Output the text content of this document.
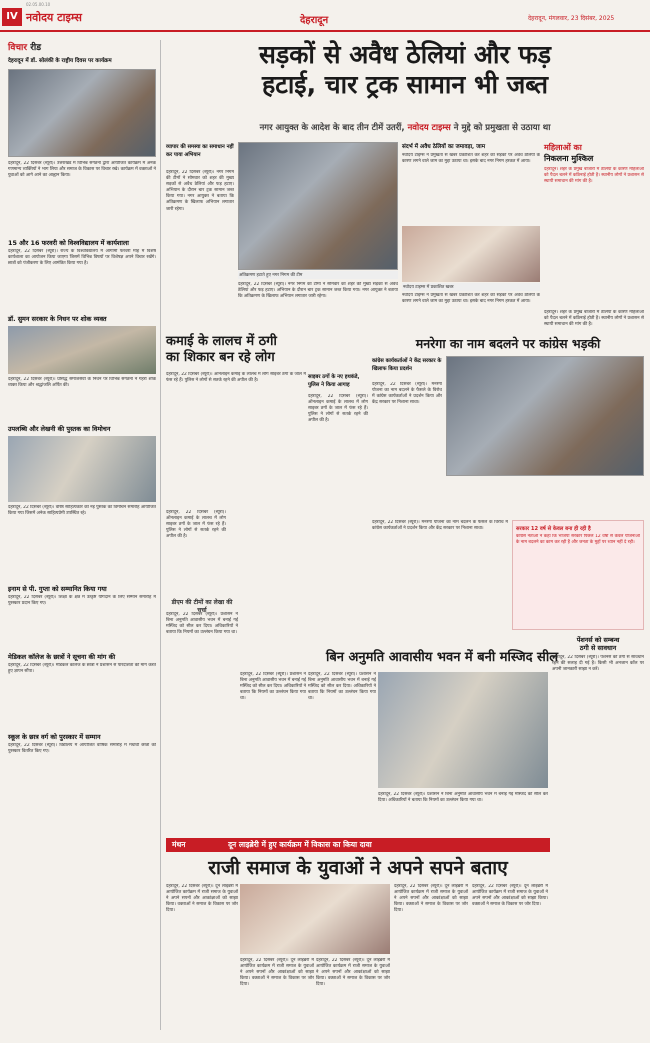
IV नवोदय टाइम्स
02.05.00.10
देहरादून	देहरादून, मंगलवार, 23 दिसंबर, 2025
विचार रीड
देहरादून में डॉ. सोलंकी के राष्ट्रीय दिवस पर कार्यक्रम
देहरादून, 22 दिसंबर (ब्यूरो)। उत्तराखंड में विभिन्न संगठनों द्वारा आयोजित कार्यक्रम में अनेक गणमान्य व्यक्तियों ने भाग लिया और समाज के विकास पर विचार रखे। कार्यक्रम में वक्ताओं ने युवाओं को आगे आने का आह्वान किया।
15 और 16 फरवरी को विश्वविद्यालय में कार्यशाला
देहरादून, 22 दिसंबर (ब्यूरो)। राज्य के विश्वविद्यालय में आगामी फरवरी माह में विशेष कार्यशाला का आयोजन किया जाएगा जिसमें विभिन्न विषयों पर विशेषज्ञ अपने विचार रखेंगे। छात्रों को पंजीकरण के लिए आमंत्रित किया गया है।
डॉ. सुमन सरकार के निधन पर शोक व्यक्त
देहरादून, 22 दिसंबर (ब्यूरो)। प्रसिद्ध समाजसेवी के निधन पर विभिन्न संगठनों ने गहरा शोक व्यक्त किया और श्रद्धांजलि अर्पित की।
उपलब्धि और लेखनी की पुस्तक का विमोचन
देहरादून, 22 दिसंबर (ब्यूरो)। वरिष्ठ साहित्यकार की नई पुस्तक का विमोचन समारोह आयोजित किया गया जिसमें अनेक साहित्यप्रेमी उपस्थित रहे।
इनाम से पी. गुप्ता को सम्मानित किया गया
देहरादून, 22 दिसंबर (ब्यूरो)। शिक्षा के क्षेत्र में उत्कृष्ट योगदान के लिए सम्मान समारोह में पुरस्कार प्रदान किए गए।
मेडिकल कॉलेज के छात्रों ने सूचना की मांग की
देहरादून, 22 दिसंबर (ब्यूरो)। मेडिकल कॉलेज के छात्रों ने प्रशासन से पारदर्शिता की मांग करते हुए ज्ञापन सौंपा।
स्कूल के छात्र वर्ग को पुरस्कार में सम्मान
देहरादून, 22 दिसंबर (ब्यूरो)। विद्यालय में आयोजित वार्षिक समारोह में मेधावी छात्रों को पुरस्कार वितरित किए गए।
सड़कों से अवैध ठेलियां और फड़
हटाई, चार ट्रक सामान भी जब्त
नगर आयुक्त के आदेश के बाद तीन टीमें उतरीं, नवोदय टाइम्स ने मुद्दे को प्रमुखता से उठाया था
व्यापार की समस्या का समाधान नहीं कर पाया अभियान
अतिक्रमण हटाते हुए नगर निगम की टीम
देहरादून, 22 दिसंबर (ब्यूरो)। नगर निगम की टीमों ने सोमवार को शहर की मुख्य सड़कों से अवैध ठेलियां और फड़ हटाए। अभियान के दौरान चार ट्रक सामान जब्त किया गया। नगर आयुक्त ने बताया कि अतिक्रमण के खिलाफ अभियान लगातार जारी रहेगा।
देहरादून, 22 दिसंबर (ब्यूरो)। नगर निगम की टीमों ने सोमवार को शहर की मुख्य सड़कों से अवैध ठेलियां और फड़ हटाए। अभियान के दौरान चार ट्रक सामान जब्त किया गया। नगर आयुक्त ने बताया कि अतिक्रमण के खिलाफ अभियान लगातार जारी रहेगा।
संदर्भ में अवैध ठेलियों का जमावड़ा, जाम
नवोदय टाइम्स ने प्रमुखता से खबर प्रकाशित कर शहर की सड़कों पर अवैध ठेलियों के कारण लगने वाले जाम का मुद्दा उठाया था। इसके बाद नगर निगम हरकत में आया।
नवोदय टाइम्स में प्रकाशित खबर
नवोदय टाइम्स ने प्रमुखता से खबर प्रकाशित कर शहर की सड़कों पर अवैध ठेलियों के कारण लगने वाले जाम का मुद्दा उठाया था। इसके बाद नगर निगम हरकत में आया।
महिलाओं का
निकलना मुश्किल
देहरादून। शहर के प्रमुख बाजारों में ठेलियों के कारण महिलाओं को पैदल चलने में कठिनाई होती है। स्थानीय लोगों ने प्रशासन से स्थायी समाधान की मांग की है।
देहरादून। शहर के प्रमुख बाजारों में ठेलियों के कारण महिलाओं को पैदल चलने में कठिनाई होती है। स्थानीय लोगों ने प्रशासन से स्थायी समाधान की मांग की है।
कमाई के लालच में ठगी
का शिकार बन रहे लोग
देहरादून, 22 दिसंबर (ब्यूरो)। ऑनलाइन कमाई के लालच में लोग साइबर ठगों के जाल में फंस रहे हैं। पुलिस ने लोगों से सतर्क रहने की अपील की है।
साइबर ठगों के नए हथकंडे, पुलिस ने किया आगाह
देहरादून, 22 दिसंबर (ब्यूरो)। ऑनलाइन कमाई के लालच में लोग साइबर ठगों के जाल में फंस रहे हैं। पुलिस ने लोगों से सतर्क रहने की अपील की है।
देहरादून, 22 दिसंबर (ब्यूरो)। ऑनलाइन कमाई के लालच में लोग साइबर ठगों के जाल में फंस रहे हैं। पुलिस ने लोगों से सतर्क रहने की अपील की है।
मनरेगा का नाम बदलने पर कांग्रेस भड़की
कांग्रेस कार्यकर्ताओं ने केंद्र सरकार के खिलाफ किया प्रदर्शन
देहरादून, 22 दिसंबर (ब्यूरो)। मनरेगा योजना का नाम बदलने के फैसले के विरोध में कांग्रेस कार्यकर्ताओं ने प्रदर्शन किया और केंद्र सरकार पर निशाना साधा।
देहरादून, 22 दिसंबर (ब्यूरो)। मनरेगा योजना का नाम बदलने के फैसले के विरोध में कांग्रेस कार्यकर्ताओं ने प्रदर्शन किया और केंद्र सरकार पर निशाना साधा।	सरकार 12 वर्ष से केवल बना ही रही है
कांग्रेस नेताओं ने कहा कि भाजपा सरकार पिछले 12 वर्षों से केवल योजनाओं के नाम बदलने का काम कर रही है और जनता के मुद्दों पर ध्यान नहीं दे रही।
डीएम की टीमों का लेखा की चर्चा
बिन अनुमति आवासीय भवन में बनी मस्जिद सील
देहरादून, 22 दिसंबर (ब्यूरो)। प्रशासन ने बिना अनुमति आवासीय भवन में बनाई गई मस्जिद को सील कर दिया। अधिकारियों ने बताया कि नियमों का उल्लंघन किया गया था।
देहरादून, 22 दिसंबर (ब्यूरो)। प्रशासन ने बिना अनुमति आवासीय भवन में बनाई गई मस्जिद को सील कर दिया। अधिकारियों ने बताया कि नियमों का उल्लंघन किया गया था।
देहरादून, 22 दिसंबर (ब्यूरो)। प्रशासन ने बिना अनुमति आवासीय भवन में बनाई गई मस्जिद को सील कर दिया। अधिकारियों ने बताया कि नियमों का उल्लंघन किया गया था।
देहरादून, 22 दिसंबर (ब्यूरो)। प्रशासन ने बिना अनुमति आवासीय भवन में बनाई गई मस्जिद को सील कर दिया। अधिकारियों ने बताया कि नियमों का उल्लंघन किया गया था।
पेंशनर्स को सम्बन्ध
ठगी से सावधान
देहरादून, 22 दिसंबर (ब्यूरो)। पेंशनर्स को ठगों से सावधान रहने की सलाह दी गई है। किसी भी अनजान कॉल पर अपनी जानकारी साझा न करें।
मंथन	दून लाइब्रेरी में हुए कार्यक्रम में विकास का किया दावा
राजी समाज के युवाओं ने अपने सपने बताए
देहरादून, 22 दिसंबर (ब्यूरो)। दून लाइब्रेरी में आयोजित कार्यक्रम में राजी समाज के युवाओं ने अपने सपनों और आकांक्षाओं को साझा किया। वक्ताओं ने समाज के विकास पर जोर दिया।
देहरादून, 22 दिसंबर (ब्यूरो)। दून लाइब्रेरी में आयोजित कार्यक्रम में राजी समाज के युवाओं ने अपने सपनों और आकांक्षाओं को साझा किया। वक्ताओं ने समाज के विकास पर जोर दिया।
देहरादून, 22 दिसंबर (ब्यूरो)। दून लाइब्रेरी में आयोजित कार्यक्रम में राजी समाज के युवाओं ने अपने सपनों और आकांक्षाओं को साझा किया। वक्ताओं ने समाज के विकास पर जोर दिया।
देहरादून, 22 दिसंबर (ब्यूरो)। दून लाइब्रेरी में आयोजित कार्यक्रम में राजी समाज के युवाओं ने अपने सपनों और आकांक्षाओं को साझा किया। वक्ताओं ने समाज के विकास पर जोर दिया।
देहरादून, 22 दिसंबर (ब्यूरो)। दून लाइब्रेरी में आयोजित कार्यक्रम में राजी समाज के युवाओं ने अपने सपनों और आकांक्षाओं को साझा किया। वक्ताओं ने समाज के विकास पर जोर दिया।
